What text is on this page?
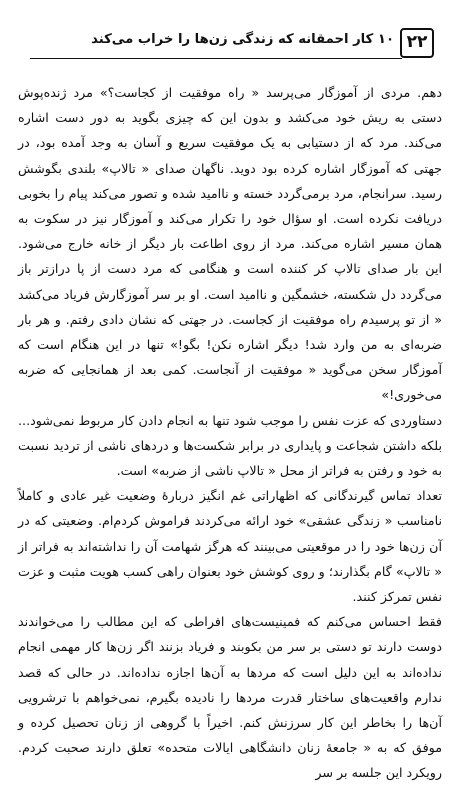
۲۲
۱۰ کار احمقانه که زندگی زن‌ها را خراب می‌کند

دهم. مردی از آموزگار می‌پرسد « راه موفقیت از کجاست؟» مرد ژنده‌پوش دستی به ریش خود می‌کشد و بدون این که چیزی بگوید به دور دست اشاره می‌کند. مرد که از دستیابی به یک موفقیت سریع و آسان به وجد آمده بود، در جهتی که آموزگار اشاره کرده بود دوید. ناگهان صدای « تالاپ» بلندی بگوشش رسید. سرانجام، مرد برمی‌گردد خسته و ناامید شده و تصور می‌کند پیام را بخوبی دریافت نکرده است. او سؤال خود را تکرار می‌کند و آموزگار نیز در سکوت به همان مسیر اشاره می‌کند. مرد از روی اطاعت بار دیگر از خانه خارج می‌شود. این بار صدای تالاپ کر کننده است و هنگامی که مرد دست از پا درازتر باز می‌گردد دل شکسته، خشمگین و ناامید است. او بر سر آموزگارش فریاد می‌کشد « از تو پرسیدم راه موفقیت از کجاست. در جهتی که نشان دادی رفتم. و هر بار ضربه‌ای به من وارد شد! دیگر اشاره نکن! بگو!» تنها در این هنگام است که آموزگار سخن می‌گوید « موفقیت از آنجاست. کمی بعد از همانجایی که ضربه می‌خوری!»

دستاوردی که عزت نفس را موجب شود تنها به انجام دادن کار مربوط نمی‌شود... بلکه داشتن شجاعت و پایداری در برابر شکست‌ها و دردهای ناشی از تردید نسبت به خود و رفتن به فراتر از محل « تالاپ ناشی از ضربه» است.

تعداد تماس گیرندگانی که اظهاراتی غم انگیز دربارهٔ وضعیت غیر عادی و کاملاً نامناسب « زندگی عشقی» خود ارائه می‌کردند فراموش کردم‌ام. وضعیتی که در آن زن‌ها خود را در موقعیتی می‌بینند که هرگز شهامت آن را نداشته‌اند به فراتر از « تالاپ» گام بگذارند؛ و روی کوشش خود بعنوان راهی کسب هویت مثبت و عزت نفس تمرکز کنند.

فقط احساس می‌کنم که فمینیست‌های افراطی که این مطالب را می‌خواندند دوست دارند تو دستی بر سر من بکوبند و فریاد بزنند اگر زن‌ها کار مهمی انجام نداده‌اند به این دلیل است که مردها به آن‌ها اجازه نداده‌اند. در حالی که قصد ندارم واقعیت‌های ساختار قدرت مردها را نادیده بگیرم، نمی‌خواهم با ترشرویی آن‌ها را بخاطر این کار سرزنش کنم. اخیراً با گروهی از زنان تحصیل کرده و موفق که به « جامعهٔ زنان دانشگاهی ایالات متحده» تعلق دارند صحبت کردم. رویکرد این جلسه بر سر
